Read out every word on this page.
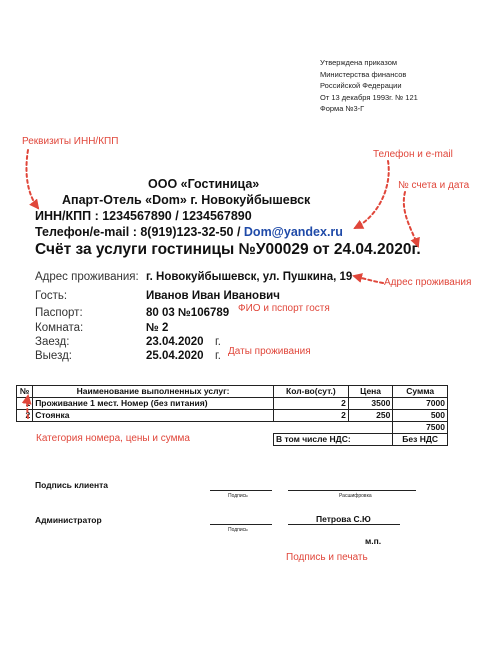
Утверждена приказом
Министерства финансов
Российской Федерации
От 13 декабря 1993г. № 121
Форма №3-Г
Реквизиты ИНН/КПП
Телефон и e-mail
№ счета и дата
Адрес проживания
ФИО и пспорт гостя
Даты проживания
Категория номера, цены и сумма
Подпись и печать
ООО «Гостиница»
Апарт-Отель «Dom» г. Новокуйбышевск
ИНН/КПП : 1234567890 / 1234567890
Телефон/e-mail : 8(919)123-32-50 / Dom@yandex.ru
Счёт за услуги гостиницы №У00029 от 24.04.2020г.
Адрес проживания: г. Новокуйбышевск, ул. Пушкина, 19
Гость:	Иванов Иван Иванович
Паспорт:	80 03 №106789
Комната:	№ 2
Заезд:	23.04.2020 г.
Выезд:	25.04.2020 г.
№	Наименование выполненных услуг:	Кол-во(сут.)	Цена	Сумма
1	Проживание 1 мест. Номер (без питания)	2	3500	7000
2	Стоянка	2	250	500
				7500
		В том числе НДС:		Без НДС
Подпись клиента
Подпись	Расшифровка
Администратор
Подпись
Петрова С.Ю
м.п.
